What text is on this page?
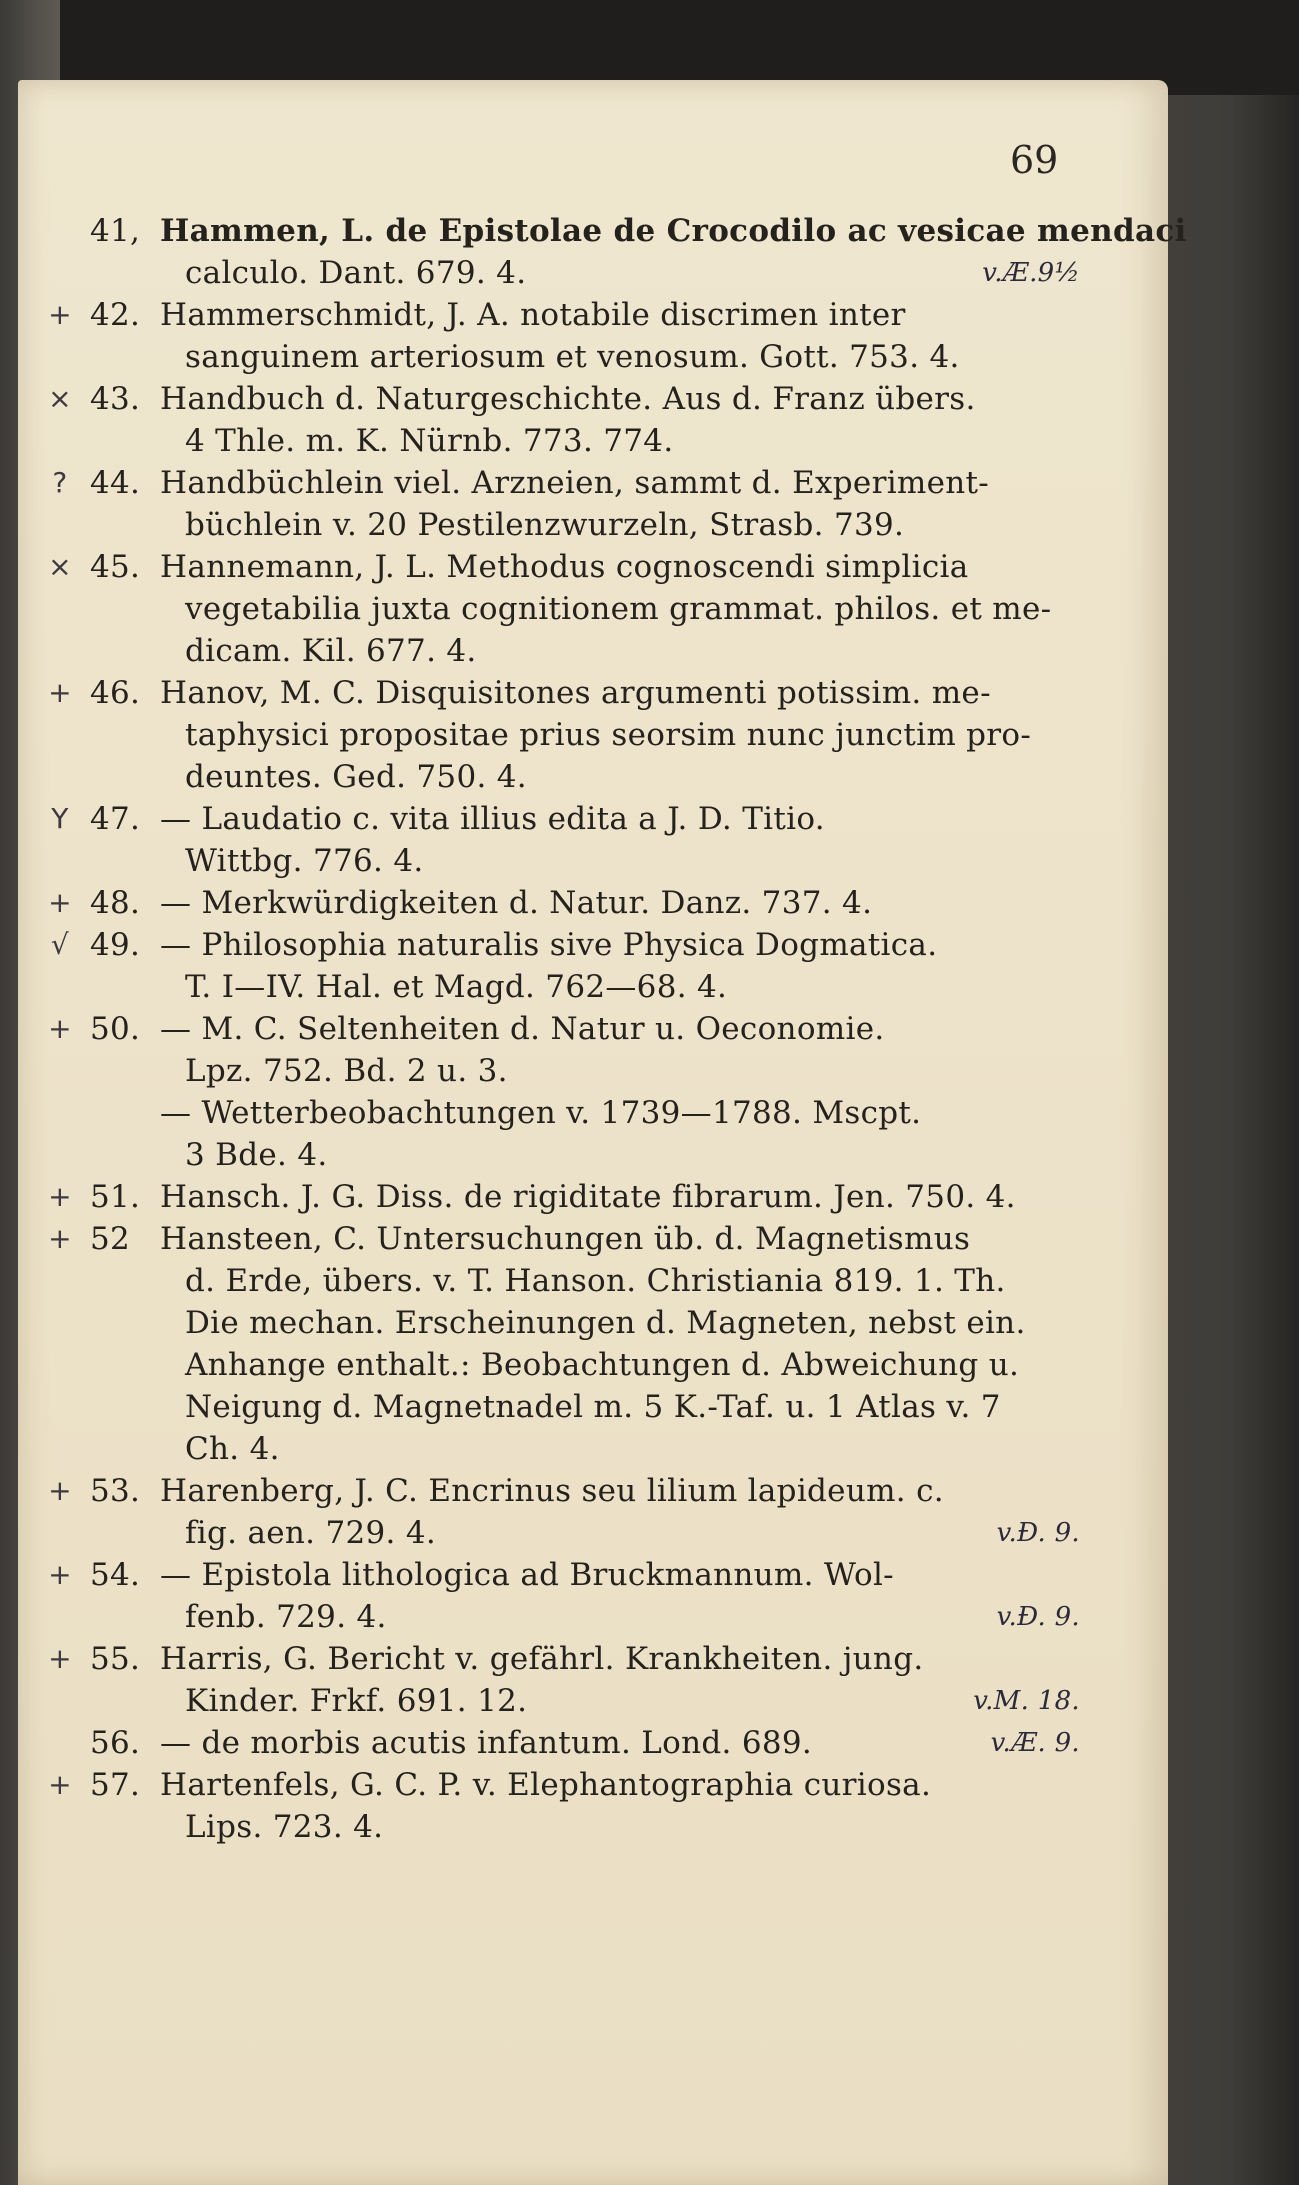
69
41, Hammen, L. de Epistolae de Crocodilo ac vesicae mendaci
calculo. Dant. 679. 4.	v.Æ.9½
+ 42. Hammerschmidt, J. A. notabile discrimen inter
sanguinem arteriosum et venosum. Gott. 753. 4.
× 43. Handbuch d. Naturgeschichte. Aus d. Franz übers.
4 Thle. m. K. Nürnb. 773. 774.
? 44. Handbüchlein viel. Arzneien, sammt d. Experiment-
büchlein v. 20 Pestilenzwurzeln, Strasb. 739.
× 45. Hannemann, J. L. Methodus cognoscendi simplicia
vegetabilia juxta cognitionem grammat. philos. et me-
dicam. Kil. 677. 4.
+ 46. Hanov, M. C. Disquisitones argumenti potissim. me-
taphysici propositae prius seorsim nunc junctim pro-
deuntes. Ged. 750. 4.
Y 47. — Laudatio c. vita illius edita a J. D. Titio.
Wittbg. 776. 4.
+ 48. — Merkwürdigkeiten d. Natur. Danz. 737. 4.
√ 49. — Philosophia naturalis sive Physica Dogmatica.
T. I—IV. Hal. et Magd. 762—68. 4.
+ 50. — M. C. Seltenheiten d. Natur u. Oeconomie.
Lpz. 752. Bd. 2 u. 3.
— Wetterbeobachtungen v. 1739—1788. Mscpt.
3 Bde. 4.
+ 51. Hansch. J. G. Diss. de rigiditate fibrarum. Jen. 750. 4.
+ 52 Hansteen, C. Untersuchungen üb. d. Magnetismus
d. Erde, übers. v. T. Hanson. Christiania 819. 1. Th.
Die mechan. Erscheinungen d. Magneten, nebst ein.
Anhange enthalt.: Beobachtungen d. Abweichung u.
Neigung d. Magnetnadel m. 5 K.-Taf. u. 1 Atlas v. 7
Ch. 4.
+ 53. Harenberg, J. C. Encrinus seu lilium lapideum. c.
fig. aen. 729. 4.	v.Ð. 9.
+ 54. — Epistola lithologica ad Bruckmannum. Wol-
fenb. 729. 4.	v.Ð. 9.
+ 55. Harris, G. Bericht v. gefährl. Krankheiten. jung.
Kinder. Frkf. 691. 12.	v.M. 18.
56. — de morbis acutis infantum. Lond. 689.	v.Æ. 9.
+ 57. Hartenfels, G. C. P. v. Elephantographia curiosa.
Lips. 723. 4.
